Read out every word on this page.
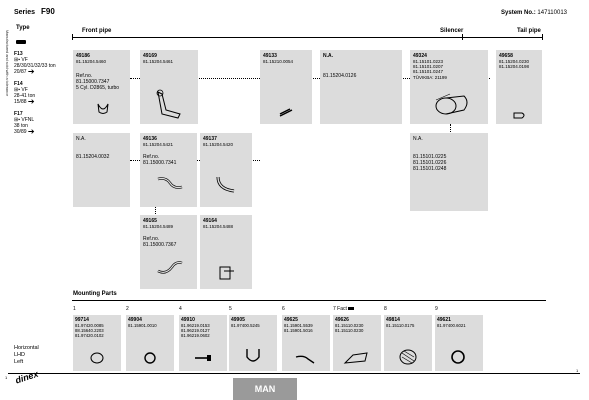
Series F90	System No.: 147110013
Manufactured and sold with a tolerance
Type
F13
⊞▪ VF
28/30/31/32/33 ton
20/87 ➔
F14
⊞▪ VF
28-41 ton
15/88 ➔
F17
⊞▪ VFNL
38 ton
30/89 ➔
Front pipe	Silencer	Tail pipe
49186
81.15204.5460
Ref.no.
81.15000.7347
5 Cyl. D2865, turbo
49169
81.15204.5461
49133
81.15210.0054
N.A.
81.15204.0126
49324
81.15101.0223
81.15101.0207
81.15101.0247
TÜVIKBA: 21199
49658
81.15204.0230
81.15204.0198
N.A.
81.15204.0032
49136
81.15204.5421
Ref.no.
81.15000.7341
49137
81.15204.5420
N.A.
81.15101.0225
81.15101.0226
81.15101.0248
49165
81.15204.5489
Ref.no.
81.15000.7367
49164
81.15204.5488
Mounting Parts
1
99714
81.97420.0085
88.15640.2203
81.97420.0102
2
49904
81.15901.0010
4
49910
81.96219.0153
81.96219.0127
81.96219.0602
5
49905
81.97400.5245
6
49625
81.15901.5539
81.15901.5016
7 Fact
49626
81.15110.0230
81.15110.0230
8
49814
81.15110.0175
9
49621
81.97400.6021
Horizontal
LHD
Left
1
1
dinex
MAN
